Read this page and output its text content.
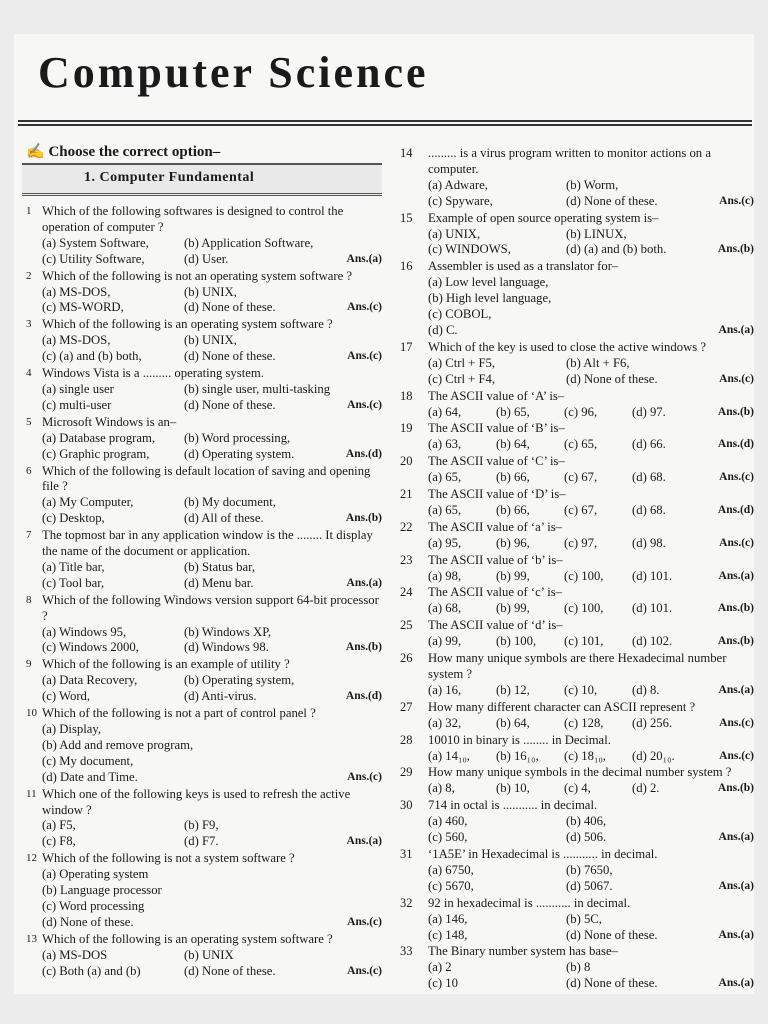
Computer Science
✍ Choose the correct option–
1. Computer Fundamental
1 Which of the following softwares is designed to control the operation of computer ?
(a) System Software,	(b) Application Software,
(c) Utility Software,	(d) User.	Ans.(a)
2 Which of the following is not an operating system software ?
(a) MS-DOS,	(b) UNIX,
(c) MS-WORD,	(d) None of these.	Ans.(c)
3 Which of the following is an operating system software ?
(a) MS-DOS,	(b) UNIX,
(c) (a) and (b) both,	(d) None of these.	Ans.(c)
4 Windows Vista is a ......... operating system.
(a) single user	(b) single user, multi-tasking
(c) multi-user	(d) None of these.	Ans.(c)
5 Microsoft Windows is an–
(a) Database program,	(b) Word processing,
(c) Graphic program,	(d) Operating system.	Ans.(d)
6 Which of the following is default location of saving and opening file ?
(a) My Computer,	(b) My document,
(c) Desktop,	(d) All of these.	Ans.(b)
7 The topmost bar in any application window is the ........ It display the name of the document or application.
(a) Title bar,	(b) Status bar,
(c) Tool bar,	(d) Menu bar.	Ans.(a)
8 Which of the following Windows version support 64-bit processor ?
(a) Windows 95,	(b) Windows XP,
(c) Windows 2000,	(d) Windows 98.	Ans.(b)
9 Which of the following is an example of utility ?
(a) Data Recovery,	(b) Operating system,
(c) Word,	(d) Anti-virus.	Ans.(d)
10 Which of the following is not a part of control panel ?
(a) Display,
(b) Add and remove program,
(c) My document,
(d) Date and Time.	Ans.(c)
11 Which one of the following keys is used to refresh the active window ?
(a) F5,	(b) F9,
(c) F8,	(d) F7.	Ans.(a)
12 Which of the following is not a system software ?
(a) Operating system
(b) Language processor
(c) Word processing
(d) None of these.	Ans.(c)
13 Which of the following is an operating system software ?
(a) MS-DOS	(b) UNIX
(c) Both (a) and (b)	(d) None of these.	Ans.(c)
14	......... is a virus program written to monitor actions on a computer.
(a) Adware,	(b) Worm,
(c) Spyware,	(d) None of these.	Ans.(c)
15	Example of open source operating system is–
(a) UNIX,	(b) LINUX,
(c) WINDOWS,	(d) (a) and (b) both.	Ans.(b)
16	Assembler is used as a translator for–
(a) Low level language,
(b) High level language,
(c) COBOL,
(d) C.	Ans.(a)
17	Which of the key is used to close the active windows ?
(a) Ctrl + F5,	(b) Alt + F6,
(c) Ctrl + F4,	(d) None of these.	Ans.(c)
18	The ASCII value of ‘A’ is–
(a) 64,	(b) 65,	(c) 96,	(d) 97.	Ans.(b)
19	The ASCII value of ‘B’ is–
(a) 63,	(b) 64,	(c) 65,	(d) 66.	Ans.(d)
20	The ASCII value of ‘C’ is–
(a) 65,	(b) 66,	(c) 67,	(d) 68.	Ans.(c)
21	The ASCII value of ‘D’ is–
(a) 65,	(b) 66,	(c) 67,	(d) 68.	Ans.(d)
22	The ASCII value of ‘a’ is–
(a) 95,	(b) 96,	(c) 97,	(d) 98.	Ans.(c)
23	The ASCII value of ‘b’ is–
(a) 98,	(b) 99,	(c) 100,	(d) 101.	Ans.(a)
24	The ASCII value of ‘c’ is–
(a) 68,	(b) 99,	(c) 100,	(d) 101.	Ans.(b)
25	The ASCII value of ‘d’ is–
(a) 99,	(b) 100,	(c) 101,	(d) 102.	Ans.(b)
26	How many unique symbols are there Hexadecimal number system ?
(a) 16,	(b) 12,	(c) 10,	(d) 8.	Ans.(a)
27	How many different character can ASCII represent ?
(a) 32,	(b) 64,	(c) 128,	(d) 256.	Ans.(c)
28	10010 in binary is ........ in Decimal.
(a) 14₁₀,	(b) 16₁₀,	(c) 18₁₀,	(d) 20₁₀.	Ans.(c)
29	How many unique symbols in the decimal number system ?
(a) 8,	(b) 10,	(c) 4,	(d) 2.	Ans.(b)
30	714 in octal is ........... in decimal.
(a) 460,	(b) 406,
(c) 560,	(d) 506.	Ans.(a)
31	‘1A5E’ in Hexadecimal is ........... in decimal.
(a) 6750,	(b) 7650,
(c) 5670,	(d) 5067.	Ans.(a)
32	92 in hexadecimal is ........... in decimal.
(a) 146,	(b) 5C,
(c) 148,	(d) None of these.	Ans.(a)
33	The Binary number system has base–
(a) 2	(b) 8
(c) 10	(d) None of these.	Ans.(a)
